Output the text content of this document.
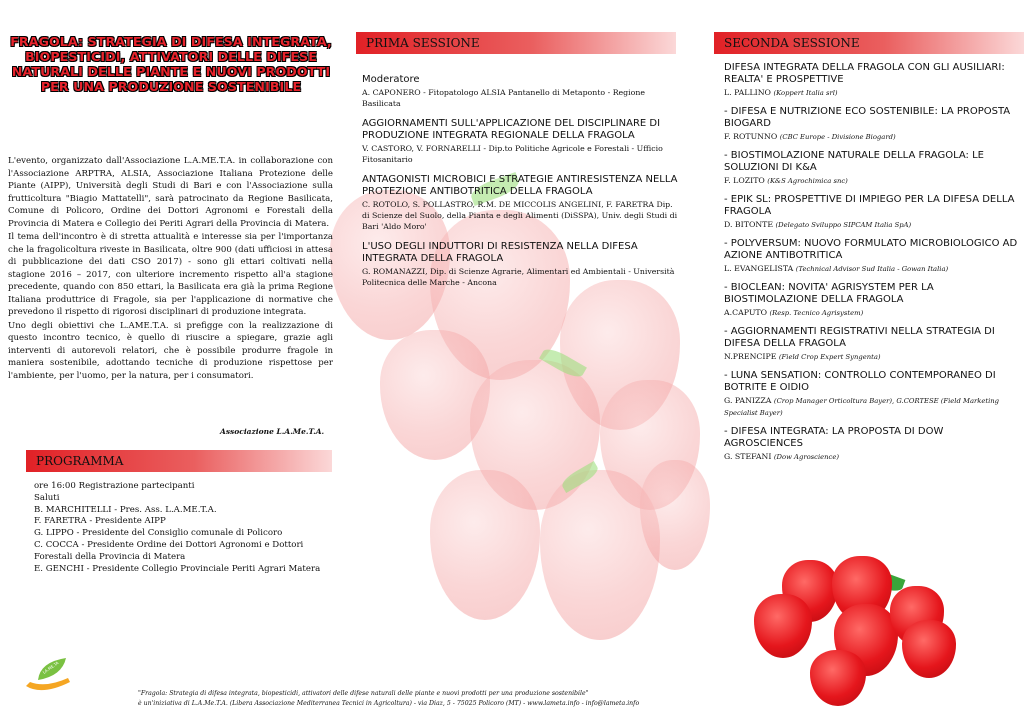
FRAGOLA: STRATEGIA DI DIFESA INTEGRATA, BIOPESTICIDI, ATTIVATORI DELLE DIFESE NATURALI DELLE PIANTE E NUOVI PRODOTTI PER UNA PRODUZIONE SOSTENIBILE

L'evento, organizzato dall'Associazione L.A.ME.T.A. in collaborazione con l'Associazione ARPTRA, ALSIA, Associazione Italiana Protezione delle Piante (AIPP), Università degli Studi di Bari e con l'Associazione sulla frutticoltura "Biagio Mattatelli", sarà patrocinato da Regione Basilicata, Comune di Policoro, Ordine dei Dottori Agronomi e Forestali della Provincia di Matera e Collegio dei Periti Agrari della Provincia di Matera.

Il tema dell'incontro è di stretta attualità e interesse sia per l'importanza che la fragolicoltura riveste in Basilicata, oltre 900 (dati ufficiosi in attesa di pubblicazione dei dati CSO 2017) - sono gli ettari coltivati nella stagione 2016 – 2017, con ulteriore incremento rispetto all'a stagione precedente, quando con 850 ettari, la Basilicata era già la prima Regione Italiana produttrice di Fragole, sia per l'applicazione di normative che prevedono il rispetto di rigorosi disciplinari di produzione integrata.

Uno degli obiettivi che L.AME.T.A. si prefigge con la realizzazione di questo incontro tecnico, è quello di riuscire a spiegare, grazie agli interventi di autorevoli relatori, che è possibile produrre fragole in maniera sostenibile, adottando tecniche di produzione rispettose per l'ambiente, per l'uomo, per la natura, per i consumatori.

Associazione L.A.Me.T.A.
PROGRAMMA
ore 16:00 Registrazione partecipanti
Saluti
B. MARCHITELLI - Pres. Ass. L.A.ME.T.A.
F. FARETRA - Presidente AIPP
G. LIPPO - Presidente del Consiglio comunale di Policoro
C. COCCA - Presidente Ordine dei Dottori Agronomi e Dottori Forestali della Provincia di Matera
E. GENCHI - Presidente Collegio Provinciale Periti Agrari Matera
LA.ME.TA
PRIMA SESSIONE
Moderatore
A. CAPONERO - Fitopatologo ALSIA Pantanello di Metaponto - Regione Basilicata
AGGIORNAMENTI SULL'APPLICAZIONE DEL DISCIPLINARE DI PRODUZIONE INTEGRATA REGIONALE DELLA FRAGOLA
V. CASTORO, V. FORNARELLI - Dip.to Politiche Agricole e Forestali - Ufficio Fitosanitario
ANTAGONISTI MICROBICI E STRATEGIE ANTIRESISTENZA NELLA PROTEZIONE ANTIBOTRITICA DELLA FRAGOLA
C. ROTOLO, S. POLLASTRO, R.M. DE MICCOLIS ANGELINI, F. FARETRA Dip. di Scienze del Suolo, della Pianta e degli Alimenti (DiSSPA), Univ. degli Studi di Bari 'Aldo Moro'
L'USO DEGLI INDUTTORI DI RESISTENZA NELLA DIFESA INTEGRATA DELLA FRAGOLA
G. ROMANAZZI, Dip. di Scienze Agrarie, Alimentari ed Ambientali - Università Politecnica delle Marche - Ancona
SECONDA SESSIONE
DIFESA INTEGRATA DELLA FRAGOLA CON GLI AUSILIARI: REALTA' E PROSPETTIVE
L. PALLINO (Koppert Italia srl)
- DIFESA E NUTRIZIONE ECO SOSTENIBILE: LA PROPOSTA BIOGARD
F. ROTUNNO (CBC Europe - Divisione Biogard)
- BIOSTIMOLAZIONE NATURALE DELLA FRAGOLA: LE SOLUZIONI DI K&A
F. LOZITO (K&S Agrochimica snc)
- EPIK SL: PROSPETTIVE DI IMPIEGO PER LA DIFESA DELLA FRAGOLA
D. BITONTE (Delegato Sviluppo SIPCAM Italia SpA)
- POLYVERSUM: NUOVO FORMULATO MICROBIOLOGICO AD AZIONE ANTIBOTRITICA
L. EVANGELISTA (Technical Advisor Sud Italia - Gowan Italia)
- BIOCLEAN: NOVITA' AGRISYSTEM PER LA BIOSTIMOLAZIONE DELLA FRAGOLA
A.CAPUTO (Resp. Tecnico Agrisystem)
- AGGIORNAMENTI REGISTRATIVI NELLA STRATEGIA DI DIFESA DELLA FRAGOLA
N.PRENCIPE (Field Crop Expert Syngenta)
- LUNA SENSATION: CONTROLLO CONTEMPORANEO DI BOTRITE E OIDIO
G. PANIZZA (Crop Manager Orticoltura Bayer), G.CORTESE (Field Marketing Specialist Bayer)
- DIFESA INTEGRATA: LA PROPOSTA DI DOW AGROSCIENCES
G. STEFANI (Dow Agroscience)
"Fragola: Strategia di difesa integrata, biopesticidi, attivatori delle difese naturali delle piante e nuovi prodotti per una produzione sostenibile"
è un'iniziativa di L.A.Me.T.A. (Libera Associazione Mediterranea Tecnici in Agricoltura) - via Diaz, 5 - 75025 Policoro (MT) - www.lameta.info - info@lameta.info
